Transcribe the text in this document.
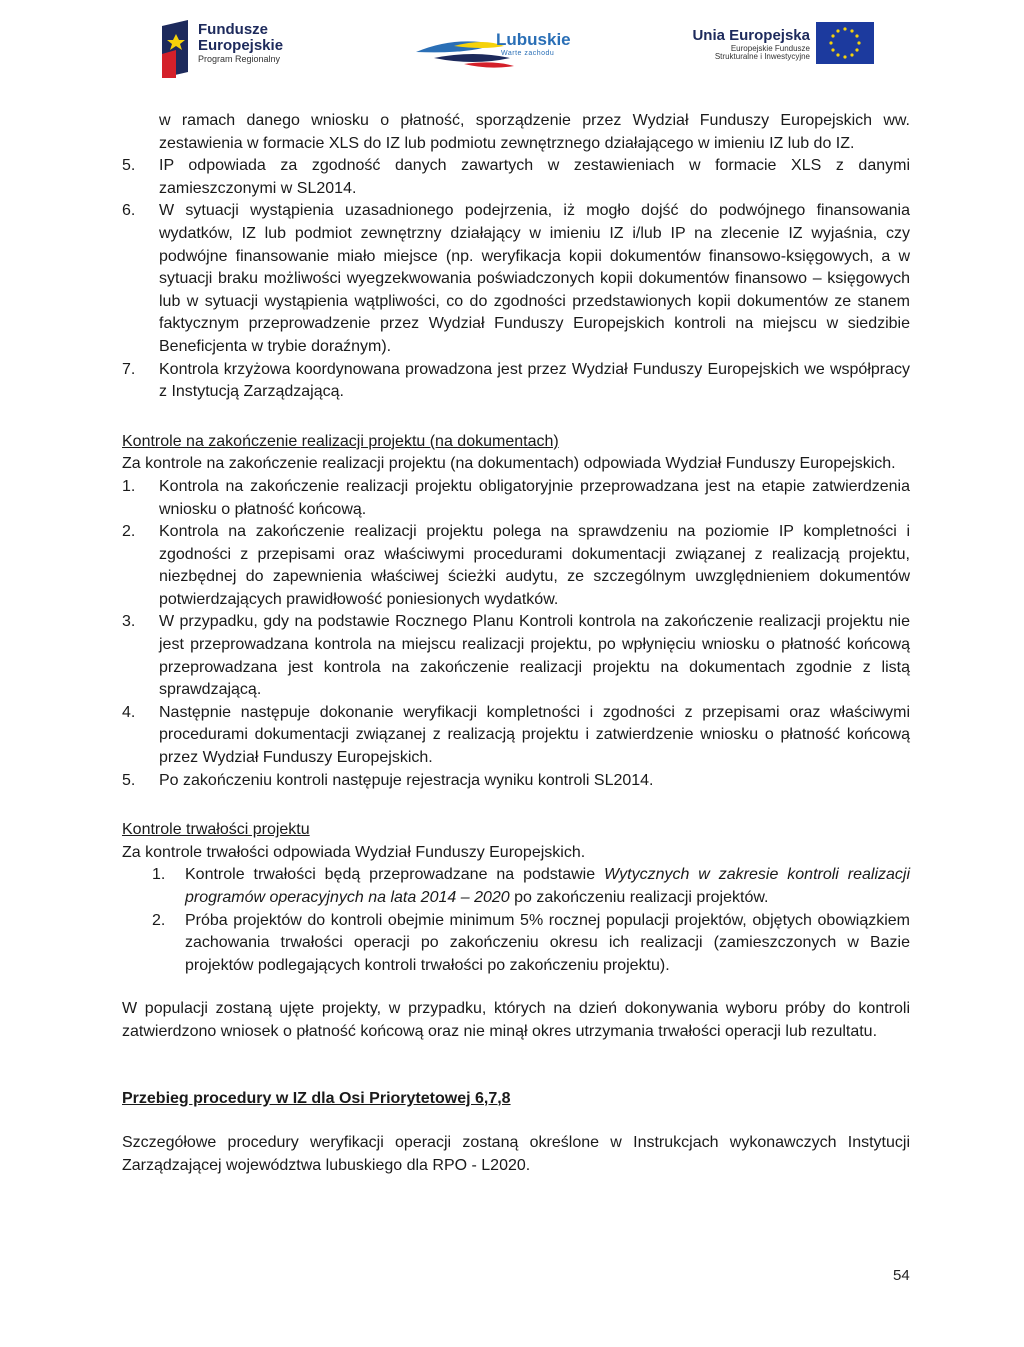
Fundusze
Europejskie
Program Regionalny
Lubuskie
Warte zachodu
Unia Europejska
Europejskie Fundusze
Strukturalne i Inwestycyjne

w ramach danego wniosku o płatność, sporządzenie przez Wydział Funduszy Europejskich ww. zestawienia w formacie XLS do IZ lub podmiotu zewnętrznego działającego w imieniu IZ lub do IZ.

5. IP odpowiada za zgodność danych zawartych w zestawieniach w formacie XLS z danymi zamieszczonymi w SL2014.
6. W sytuacji wystąpienia uzasadnionego podejrzenia, iż mogło dojść do podwójnego finansowania wydatków, IZ lub podmiot zewnętrzny działający w imieniu IZ i/lub IP na zlecenie IZ wyjaśnia, czy podwójne finansowanie miało miejsce (np. weryfikacja kopii dokumentów finansowo-księgowych, a w sytuacji braku możliwości wyegzekwowania poświadczonych kopii dokumentów finansowo – księgowych lub w sytuacji wystąpienia wątpliwości, co do zgodności przedstawionych kopii dokumentów ze stanem faktycznym przeprowadzenie przez Wydział Funduszy Europejskich kontroli na miejscu w siedzibie Beneficjenta w trybie doraźnym).
7. Kontrola krzyżowa koordynowana prowadzona jest przez Wydział Funduszy Europejskich we współpracy z Instytucją Zarządzającą.

Kontrole na zakończenie realizacji projektu (na dokumentach)

Za kontrole na zakończenie realizacji projektu (na dokumentach) odpowiada Wydział Funduszy Europejskich.

1. Kontrola na zakończenie realizacji projektu obligatoryjnie przeprowadzana jest na etapie zatwierdzenia wniosku o płatność końcową.
2. Kontrola na zakończenie realizacji projektu polega na sprawdzeniu na poziomie IP kompletności i zgodności z przepisami oraz właściwymi procedurami dokumentacji związanej z realizacją projektu, niezbędnej do zapewnienia właściwej ścieżki audytu, ze szczególnym uwzględnieniem dokumentów potwierdzających prawidłowość poniesionych wydatków.
3. W przypadku, gdy na podstawie Rocznego Planu Kontroli kontrola na zakończenie realizacji projektu nie jest przeprowadzana kontrola na miejscu realizacji projektu, po wpłynięciu wniosku o płatność końcową przeprowadzana jest kontrola na zakończenie realizacji projektu na dokumentach zgodnie z listą sprawdzającą.
4. Następnie następuje dokonanie weryfikacji kompletności i zgodności z przepisami oraz właściwymi procedurami dokumentacji związanej z realizacją projektu i zatwierdzenie wniosku o płatność końcową przez Wydział Funduszy Europejskich.
5. Po zakończeniu kontroli następuje rejestracja wyniku kontroli SL2014.

Kontrole trwałości projektu

Za kontrole trwałości odpowiada Wydział Funduszy Europejskich.

1. Kontrole trwałości będą przeprowadzane na podstawie Wytycznych w zakresie kontroli realizacji programów operacyjnych na lata 2014 – 2020 po zakończeniu realizacji projektów.
2. Próba projektów do kontroli obejmie minimum 5% rocznej populacji projektów, objętych obowiązkiem zachowania trwałości operacji po zakończeniu okresu ich realizacji (zamieszczonych w Bazie projektów podlegających kontroli trwałości po zakończeniu projektu).

W populacji zostaną ujęte projekty, w przypadku, których na dzień dokonywania wyboru próby do kontroli zatwierdzono wniosek o płatność końcową oraz nie minął okres utrzymania trwałości operacji lub rezultatu.

Przebieg procedury w IZ dla Osi Priorytetowej 6,7,8

Szczegółowe procedury weryfikacji operacji zostaną określone w Instrukcjach wykonawczych Instytucji Zarządzającej województwa lubuskiego dla RPO - L2020.

54
